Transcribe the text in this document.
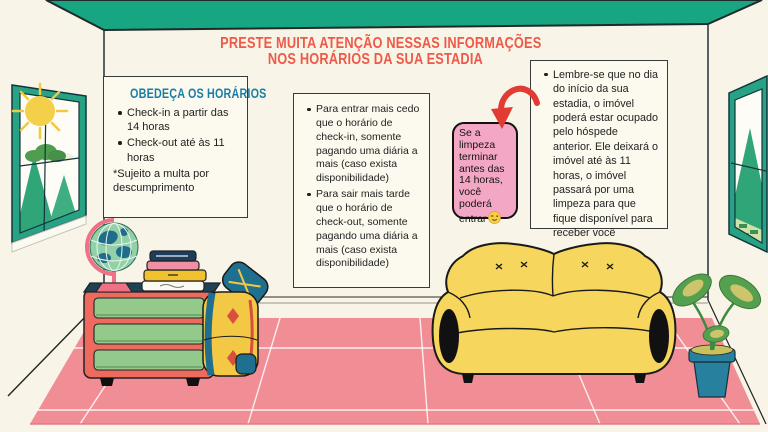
PRESTE MUITA ATENÇÃO NESSAS INFORMAÇÕES
NOS HORÁRIOS DA SUA ESTADIA
OBEDEÇA OS HORÁRIOS
Check-in a partir das 14 horas
Check-out até às 11 horas
*Sujeito a multa por descumprimento
Para entrar mais cedo que o horário de check-in, somente pagando uma diária a mais (caso exista disponibilidade)
Para sair mais tarde que o horário de check-out, somente pagando uma diária a mais (caso exista disponibilidade)
Lembre-se que no dia do início da sua estadia, o imóvel poderá estar ocupado pelo hóspede anterior. Ele deixará o imóvel até às 11 horas, o imóvel passará por uma limpeza para que fique disponível para receber você
Se a limpeza terminar antes das 14 horas, você poderá entrar
